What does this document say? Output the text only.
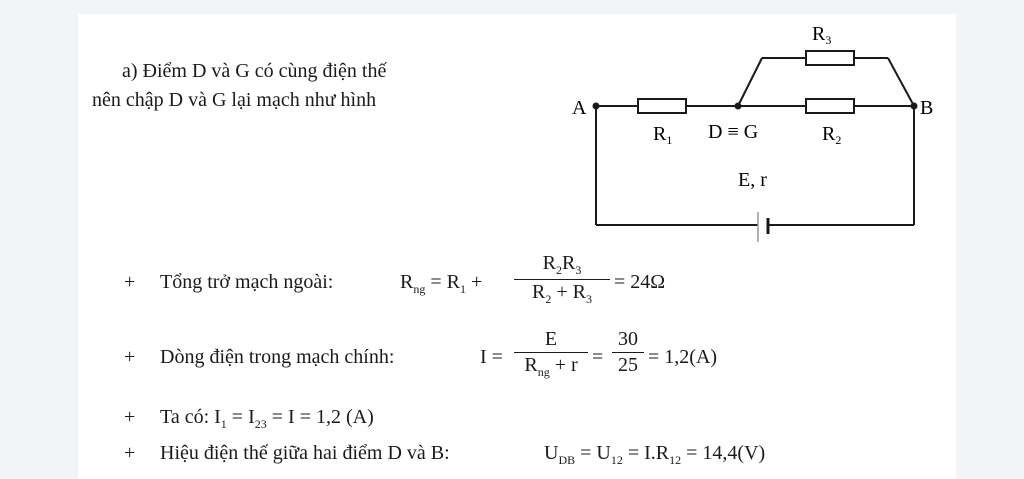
a) Điểm D và G có cùng điện thế
nên chập D và G lại mạch như hình	A	B
D ≡ G
$R_1$	$R_2$
$R_3$
E, r
+ Tổng trở mạch ngoài:	$R_{ng} = R_1$ +
$R_2R_3$
$R_2 + R_3$
= 24Ω
+ Dòng điện trong mạch chính:	I =
E
$R_{ng} + r$ =
30
25 = 1,2(A)
+ Ta có: $I_1 = I_{23} = I = 1,2$ (A)
+ Hiệu điện thế giữa hai điểm D và B:	$U_{DB} = U_{12} = I.R_{12} = 14,4(V)$
